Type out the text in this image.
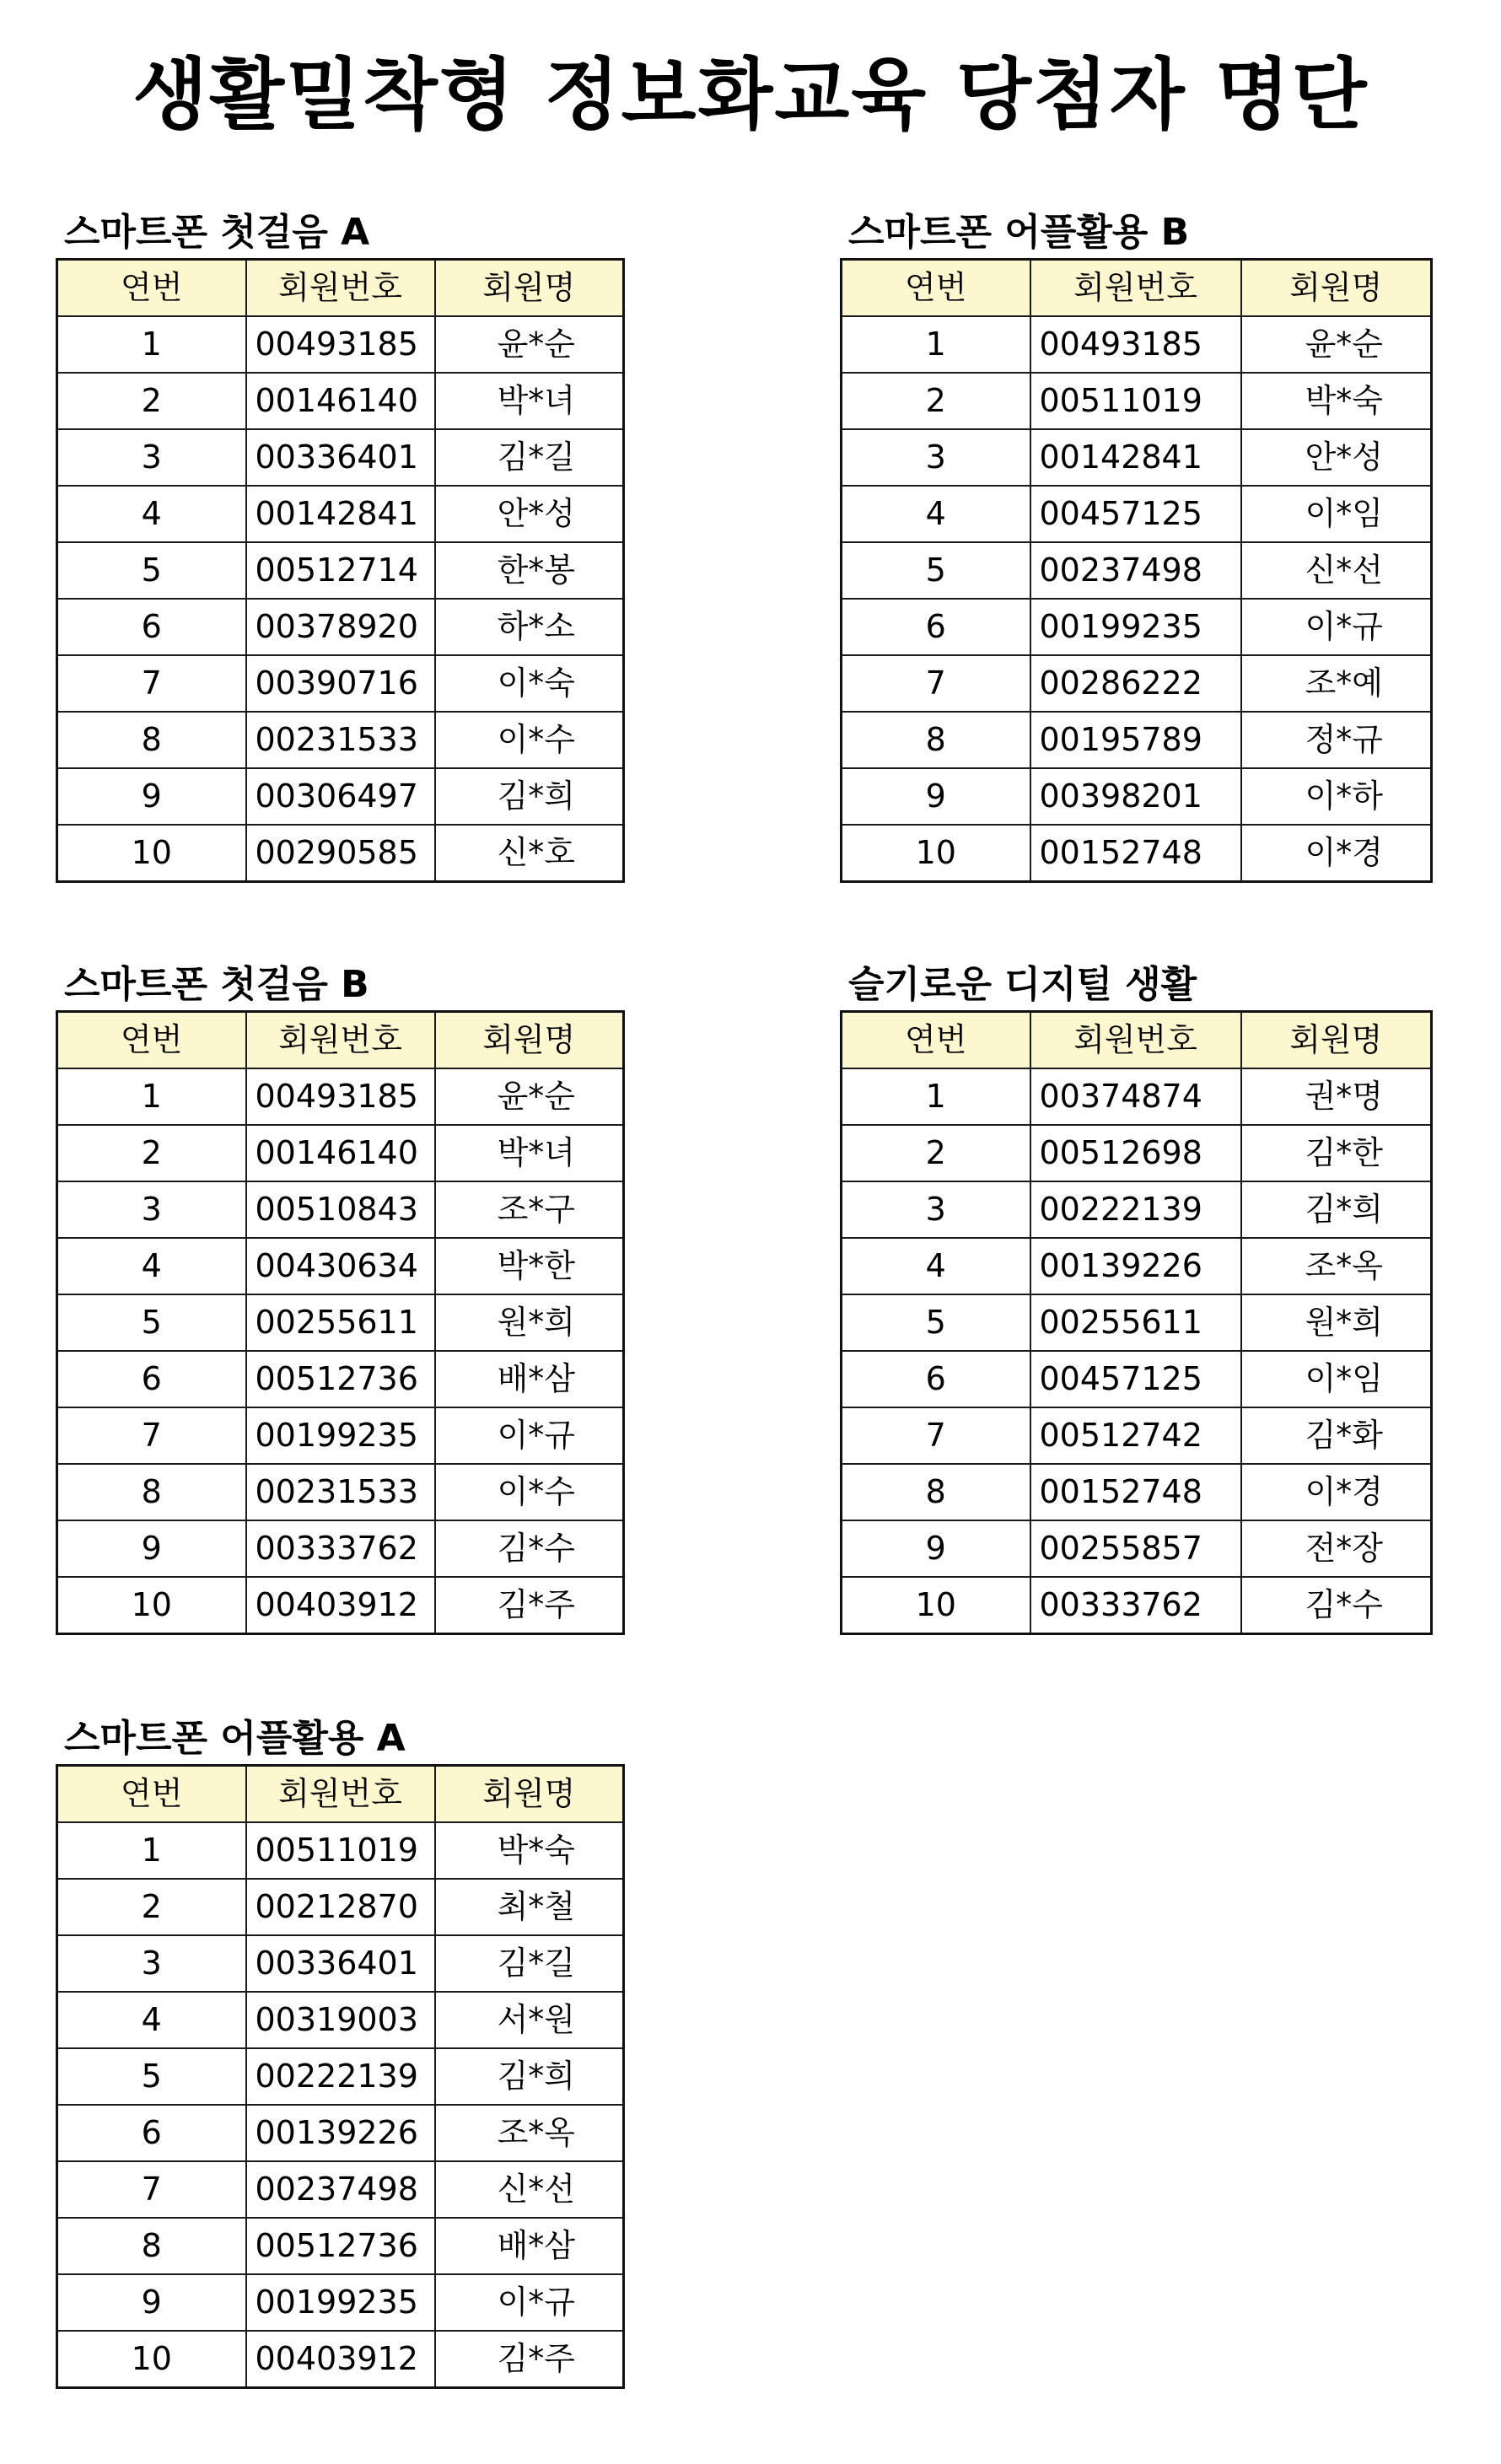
생활밀착형 정보화교육 당첨자 명단
스마트폰 첫걸음 A
연번	회원번호	회원명
1	00493185	윤*순
2	00146140	박*녀
3	00336401	김*길
4	00142841	안*성
5	00512714	한*봉
6	00378920	하*소
7	00390716	이*숙
8	00231533	이*수
9	00306497	김*희
10	00290585	신*호
스마트폰 어플활용 B
연번	회원번호	회원명
1	00493185	윤*순
2	00511019	박*숙
3	00142841	안*성
4	00457125	이*임
5	00237498	신*선
6	00199235	이*규
7	00286222	조*예
8	00195789	정*규
9	00398201	이*하
10	00152748	이*경
스마트폰 첫걸음 B
연번	회원번호	회원명
1	00493185	윤*순
2	00146140	박*녀
3	00510843	조*구
4	00430634	박*한
5	00255611	원*희
6	00512736	배*삼
7	00199235	이*규
8	00231533	이*수
9	00333762	김*수
10	00403912	김*주
슬기로운 디지털 생활
연번	회원번호	회원명
1	00374874	권*명
2	00512698	김*한
3	00222139	김*희
4	00139226	조*옥
5	00255611	원*희
6	00457125	이*임
7	00512742	김*화
8	00152748	이*경
9	00255857	전*장
10	00333762	김*수
스마트폰 어플활용 A
연번	회원번호	회원명
1	00511019	박*숙
2	00212870	최*철
3	00336401	김*길
4	00319003	서*원
5	00222139	김*희
6	00139226	조*옥
7	00237498	신*선
8	00512736	배*삼
9	00199235	이*규
10	00403912	김*주
